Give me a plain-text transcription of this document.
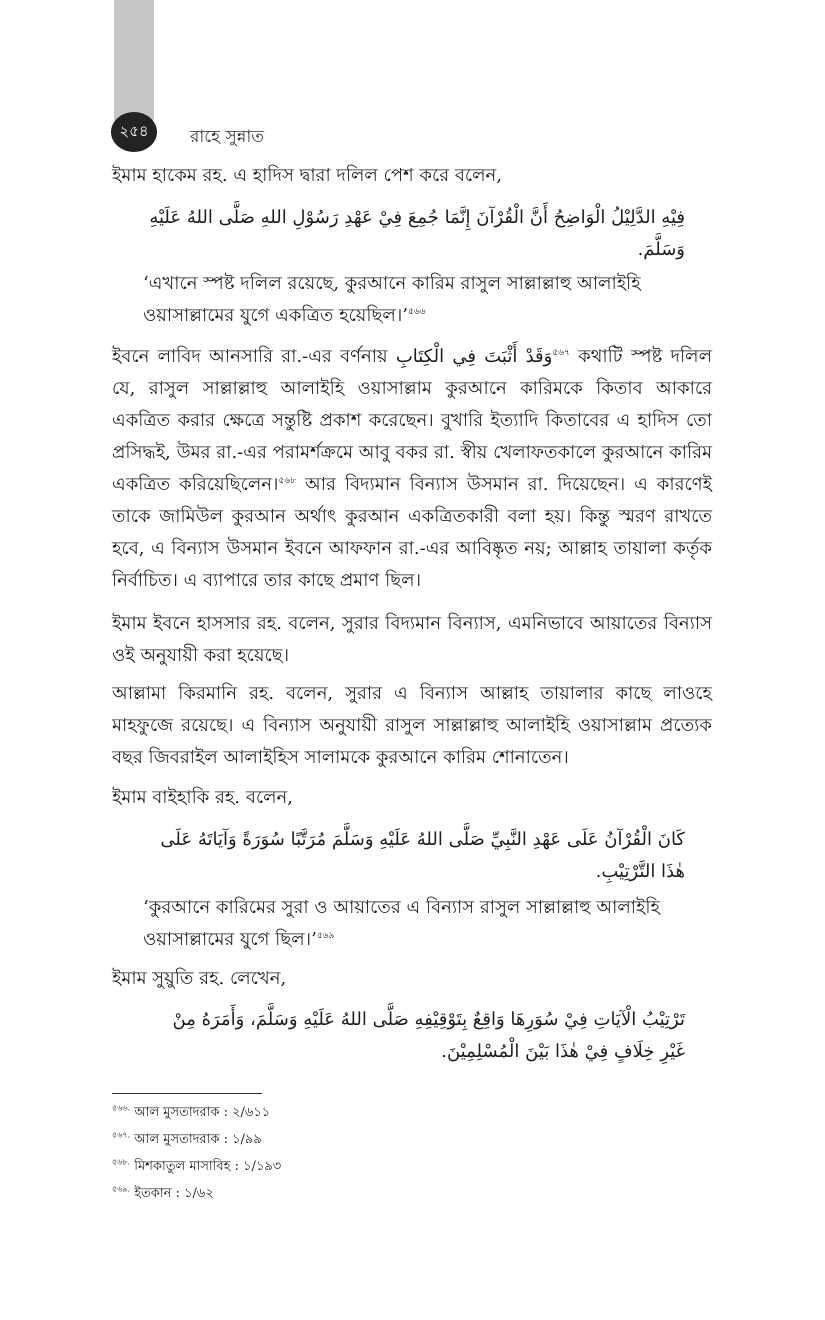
২৫৪	রাহে সুন্নাত

ইমাম হাকেম রহ. এ হাদিস দ্বারা দলিল পেশ করে বলেন,

فِيْهِ الدَّلِيْلُ الْوَاضِحُ أَنَّ الْقُرْآنَ إِنَّمَا جُمِعَ فِيْ عَهْدِ رَسُوْلِ اللهِ صَلَّى اللهُ عَلَيْهِ وَسَلَّمَ.

‘এখানে স্পষ্ট দলিল রয়েছে, কুরআনে কারিম রাসুল সাল্লাল্লাহু আলাইহি ওয়াসাল্লামের যুগে একত্রিত হয়েছিল।’$^{৫৬৬}$

ইবনে লাবিদ আনসারি রা.-এর বর্ণনায় وَقَدْ أَثْبَتَ فِي الْكِتَابِ$^{৫৬৭}$ কথাটি স্পষ্ট দলিল যে, রাসুল সাল্লাল্লাহু আলাইহি ওয়াসাল্লাম কুরআনে কারিমকে কিতাব আকারে একত্রিত করার ক্ষেত্রে সন্তুষ্টি প্রকাশ করেছেন। বুখারি ইত্যাদি কিতাবের এ হাদিস তো প্রসিদ্ধই, উমর রা.-এর পরামর্শক্রমে আবু বকর রা. স্বীয় খেলাফতকালে কুরআনে কারিম একত্রিত করিয়েছিলেন।$^{৫৬৮}$ আর বিদ্যমান বিন্যাস উসমান রা. দিয়েছেন। এ কারণেই তাকে জামিউল কুরআন অর্থাৎ কুরআন একত্রিতকারী বলা হয়। কিন্তু স্মরণ রাখতে হবে, এ বিন্যাস উসমান ইবনে আফফান রা.-এর আবিষ্কৃত নয়; আল্লাহ তায়ালা কর্তৃক নির্বাচিত। এ ব্যাপারে তার কাছে প্রমাণ ছিল।

ইমাম ইবনে হাসসার রহ. বলেন, সুরার বিদ্যমান বিন্যাস, এমনিভাবে আয়াতের বিন্যাস ওই অনুযায়ী করা হয়েছে।

আল্লামা কিরমানি রহ. বলেন, সুরার এ বিন্যাস আল্লাহ তায়ালার কাছে লাওহে মাহফুজে রয়েছে। এ বিন্যাস অনুযায়ী রাসুল সাল্লাল্লাহু আলাইহি ওয়াসাল্লাম প্রত্যেক বছর জিবরাইল আলাইহিস সালামকে কুরআনে কারিম শোনাতেন।

ইমাম বাইহাকি রহ. বলেন,

كَانَ الْقُرْآنُ عَلَى عَهْدِ النَّبِيِّ صَلَّى اللهُ عَلَيْهِ وَسَلَّمَ مُرَتَّبًا سُوَرَةً وَآيَاتَهُ عَلَى هٰذَا التَّرْتِيْبِ.

‘কুরআনে কারিমের সুরা ও আয়াতের এ বিন্যাস রাসুল সাল্লাল্লাহু আলাইহি ওয়াসাল্লামের যুগে ছিল।’$^{৫৬৯}$

ইমাম সুয়ুতি রহ. লেখেন,

تَرْتِيْبُ الْآيَاتِ فِيْ سُوَرِهَا وَاقِعٌ بِتَوْقِيْفِهِ صَلَّى اللهُ عَلَيْهِ وَسَلَّمَ، وَأَمَرَهُ مِنْ غَيْرِ خِلَافٍ فِيْ هٰذَا بَيْنَ الْمُسْلِمِيْنَ.

$^{৫৬৬.}$ আল মুসতাদরাক : ২/৬১১
$^{৫৬৭.}$ আল মুসতাদরাক : ১/৯৯
$^{৫৬৮.}$ মিশকাতুল মাসাবিহ : ১/১৯৩
$^{৫৬৯.}$ ইতকান : ১/৬২
